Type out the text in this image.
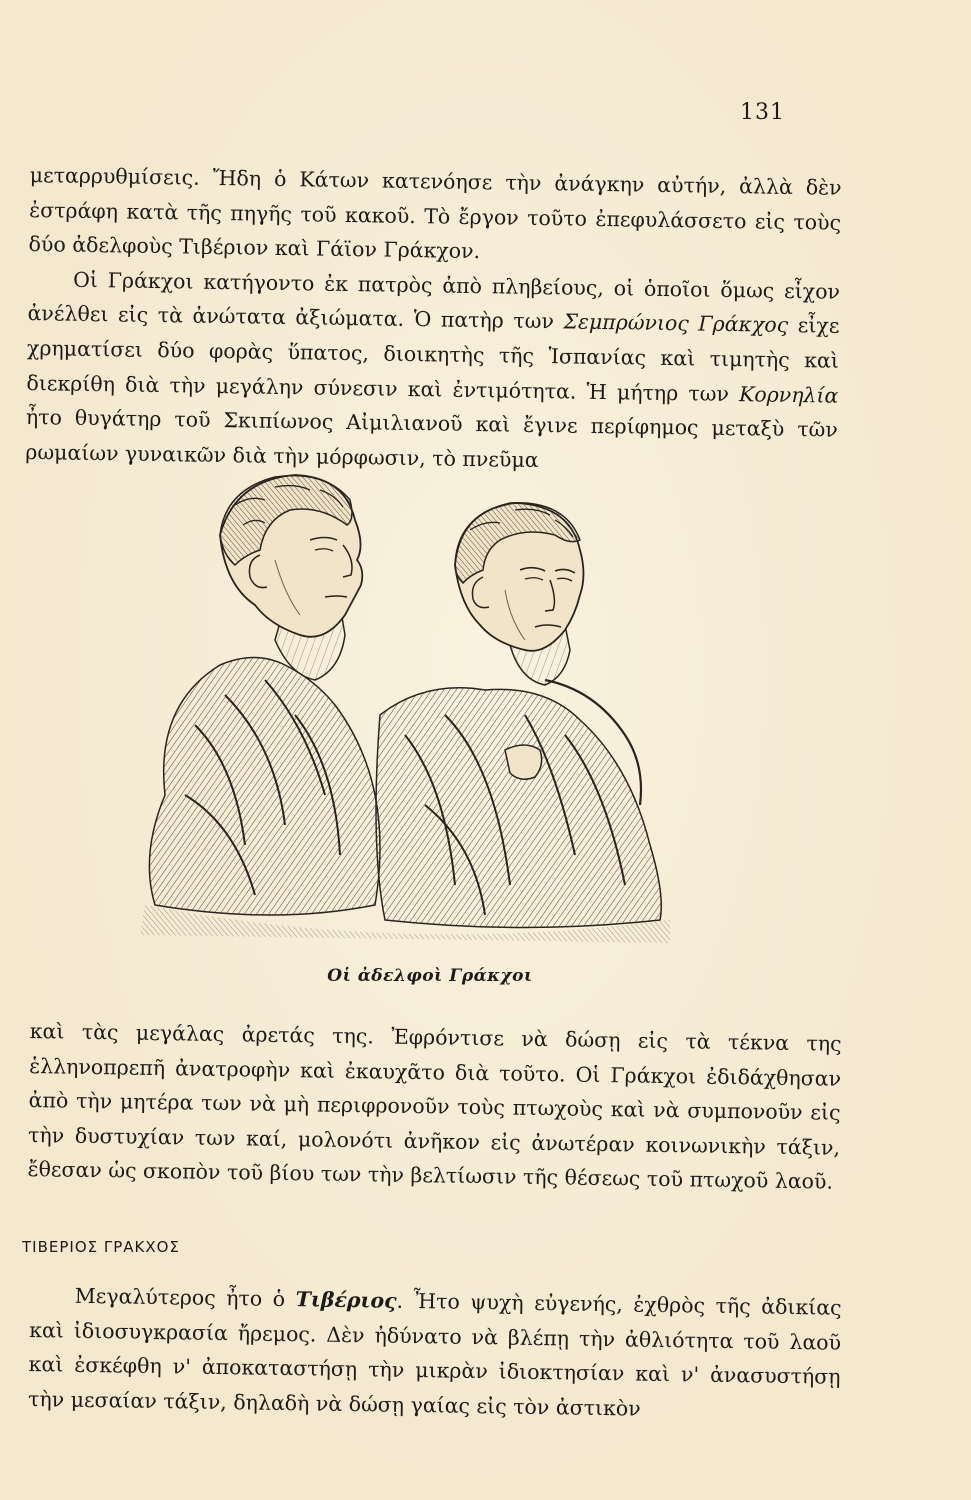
131

μεταρρυθμίσεις. Ἤδη ὁ Κάτων κατενόησε τὴν ἀνάγκην αὐτήν, ἀλλὰ δὲν ἐστράφη κατὰ τῆς πηγῆς τοῦ κακοῦ. Τὸ ἔργον τοῦτο ἐπεφυλάσσετο εἰς τοὺς δύο ἀδελφοὺς Τιβέριον καὶ Γάϊον Γράκχον.

Οἱ Γράκχοι κατήγοντο ἐκ πατρὸς ἀπὸ πληβείους, οἱ ὁποῖοι ὅμως εἶχον ἀνέλθει εἰς τὰ ἀνώτατα ἀξιώματα. Ὁ πατὴρ των Σεμπρώνιος Γράκχος εἶχε χρηματίσει δύο φορὰς ὕπατος, διοικητὴς τῆς Ἱσπανίας καὶ τιμητὴς καὶ διεκρίθη διὰ τὴν μεγάλην σύνεσιν καὶ ἐντιμότητα. Ἡ μήτηρ των Κορνηλία ἦτο θυγάτηρ τοῦ Σκιπίωνος Αἰμιλιανοῦ καὶ ἔγινε περίφημος μεταξὺ τῶν ρωμαίων γυναικῶν διὰ τὴν μόρφωσιν, τὸ πνεῦμα

Οἱ ἀδελφοὶ Γράκχοι

καὶ τὰς μεγάλας ἀρετάς της. Ἐφρόντισε νὰ δώσῃ εἰς τὰ τέκνα της ἑλληνοπρεπῆ ἀνατροφὴν καὶ ἐκαυχᾶτο διὰ τοῦτο. Οἱ Γράκχοι ἐδιδάχθησαν ἀπὸ τὴν μητέρα των νὰ μὴ περιφρονοῦν τοὺς πτωχοὺς καὶ νὰ συμπονοῦν εἰς τὴν δυστυχίαν των καί, μολονότι ἀνῆκον εἰς ἀνωτέραν κοινωνικὴν τάξιν, ἔθεσαν ὡς σκοπὸν τοῦ βίου των τὴν βελτίωσιν τῆς θέσεως τοῦ πτωχοῦ λαοῦ.

ΤΙΒΕΡΙΟΣ ΓΡΑΚΧΟΣ

Μεγαλύτερος ἦτο ὁ Τιβέριος. Ἦτο ψυχὴ εὐγενής, ἐχθρὸς τῆς ἀδικίας καὶ ἰδιοσυγκρασία ἤρεμος. Δὲν ἠδύνατο νὰ βλέπῃ τὴν ἀθλιότητα τοῦ λαοῦ καὶ ἐσκέφθη ν' ἀποκαταστήσῃ τὴν μικρὰν ἰδιοκτησίαν καὶ ν' ἀνασυστήσῃ τὴν μεσαίαν τάξιν, δηλαδὴ νὰ δώσῃ γαίας εἰς τὸν ἀστικὸν
